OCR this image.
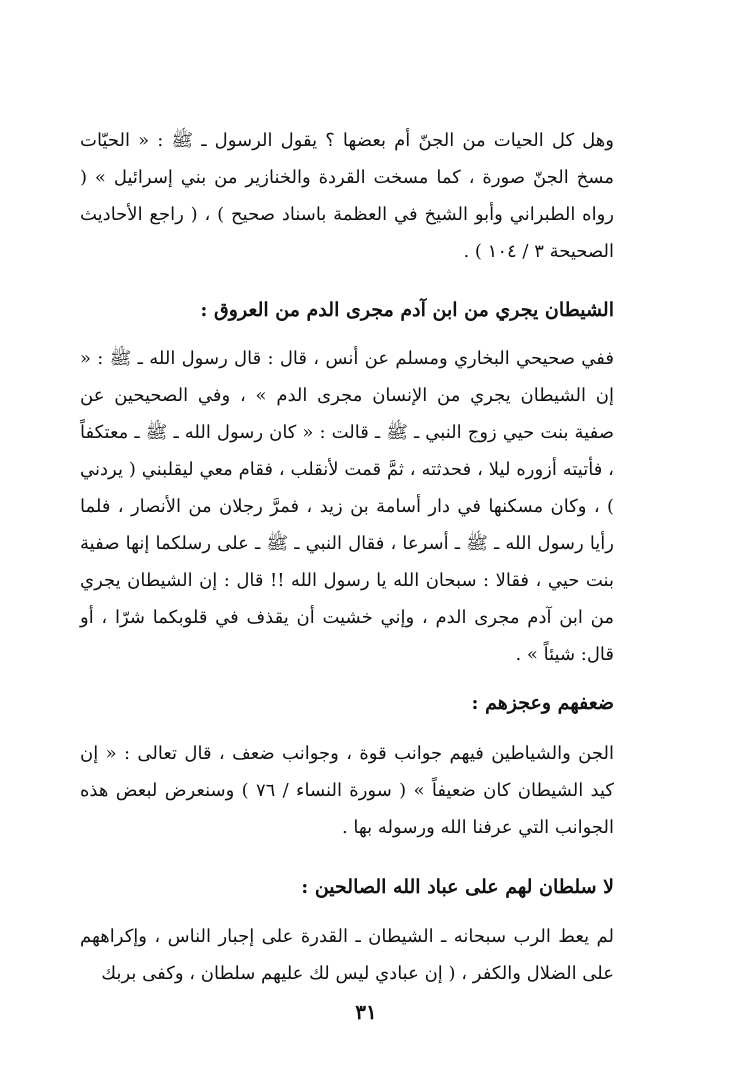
وهل كل الحيات من الجنّ أم بعضها ؟ يقول الرسول ـ ﷺ : « الحيّات مسخ الجنّ صورة ، كما مسخت القردة والخنازير من بني إسرائيل » ( رواه الطبراني وأبو الشيخ في العظمة باسناد صحيح ) ، ( راجع الأحاديث الصحيحة ٣ / ١٠٤ ) .

الشيطان يجري من ابن آدم مجرى الدم من العروق :

ففي صحيحي البخاري ومسلم عن أنس ، قال : قال رسول الله ـ ﷺ : « إن الشيطان يجري من الإنسان مجرى الدم » ، وفي الصحيحين عن صفية بنت حيي زوج النبي ـ ﷺ ـ قالت : « كان رسول الله ـ ﷺ ـ معتكفاً ، فأتيته أزوره ليلا ، فحدثته ، ثمَّ قمت لأنقلب ، فقام معي ليقلبني ( يردني ) ، وكان مسكنها في دار أسامة بن زيد ، فمرَّ رجلان من الأنصار ، فلما رأيا رسول الله ـ ﷺ ـ أسرعا ، فقال النبي ـ ﷺ ـ على رسلكما إنها صفية بنت حيي ، فقالا : سبحان الله يا رسول الله !! قال : إن الشيطان يجري من ابن آدم مجرى الدم ، وإني خشيت أن يقذف في قلوبكما شرّا ، أو قال: شيئاً » .

ضعفهم وعجزهم :

الجن والشياطين فيهم جوانب قوة ، وجوانب ضعف ، قال تعالى : « إن كيد الشيطان كان ضعيفاً » ( سورة النساء / ٧٦ ) وسنعرض لبعض هذه الجوانب التي عرفنا الله ورسوله بها .

لا سلطان لهم على عباد الله الصالحين :

لم يعط الرب سبحانه ـ الشيطان ـ القدرة على إجبار الناس ، وإكراههم على الضلال والكفر ، ( إن عبادي ليس لك عليهم سلطان ، وكفى بربك

٣١
